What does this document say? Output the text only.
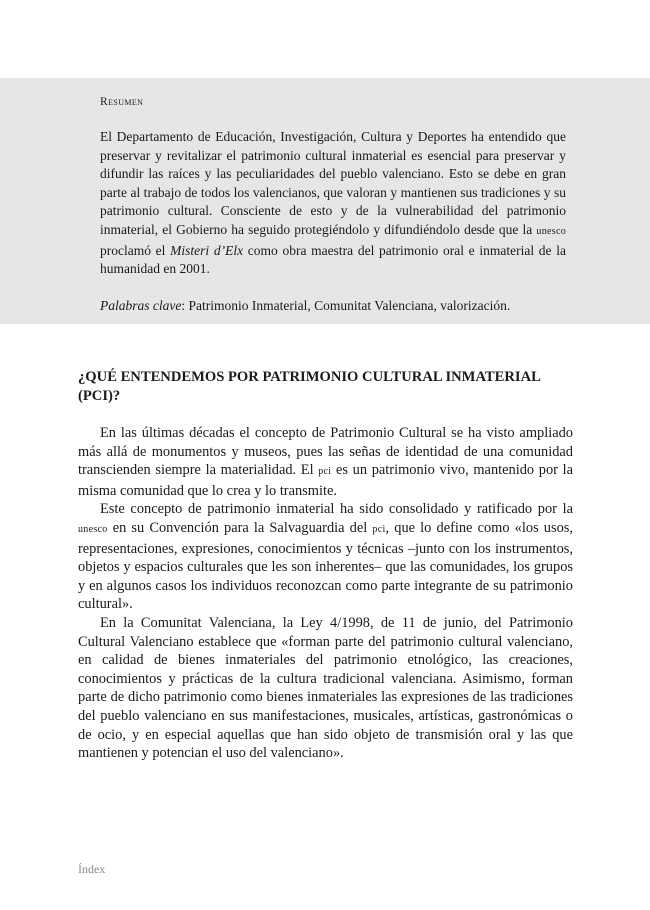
Resumen

El Departamento de Educación, Investigación, Cultura y Deportes ha entendido que preservar y revitalizar el patrimonio cultural inmaterial es esencial para preservar y difundir las raíces y las peculiaridades del pueblo valenciano. Esto se debe en gran parte al trabajo de todos los valencianos, que valoran y mantienen sus tradiciones y su patrimonio cultural. Consciente de esto y de la vulnerabilidad del patrimonio inmaterial, el Gobierno ha seguido protegiéndolo y difundiéndolo desde que la unesco proclamó el Misteri d’Elx como obra maestra del patrimonio oral e inmaterial de la humanidad en 2001.

Palabras clave: Patrimonio Inmaterial, Comunitat Valenciana, valorización.

¿QUÉ ENTENDEMOS POR PATRIMONIO CULTURAL INMATERIAL (PCI)?

En las últimas décadas el concepto de Patrimonio Cultural se ha visto ampliado más allá de monumentos y museos, pues las señas de identidad de una comunidad transcienden siempre la materialidad. El pci es un patrimonio vivo, mantenido por la misma comunidad que lo crea y lo transmite.

Este concepto de patrimonio inmaterial ha sido consolidado y ratificado por la unesco en su Convención para la Salvaguardia del pci, que lo define como «los usos, representaciones, expresiones, conocimientos y técnicas –junto con los instrumentos, objetos y espacios culturales que les son inherentes– que las comunidades, los grupos y en algunos casos los individuos reconozcan como parte integrante de su patrimonio cultural».

En la Comunitat Valenciana, la Ley 4/1998, de 11 de junio, del Patrimonio Cultural Valenciano establece que «forman parte del patrimonio cultural valenciano, en calidad de bienes inmateriales del patrimonio etnológico, las creaciones, conocimientos y prácticas de la cultura tradicional valenciana. Asimismo, forman parte de dicho patrimonio como bienes inmateriales las expresiones de las tradiciones del pueblo valenciano en sus manifestaciones, musicales, artísticas, gastronómicas o de ocio, y en especial aquellas que han sido objeto de transmisión oral y las que mantienen y potencian el uso del valenciano».

Índex
